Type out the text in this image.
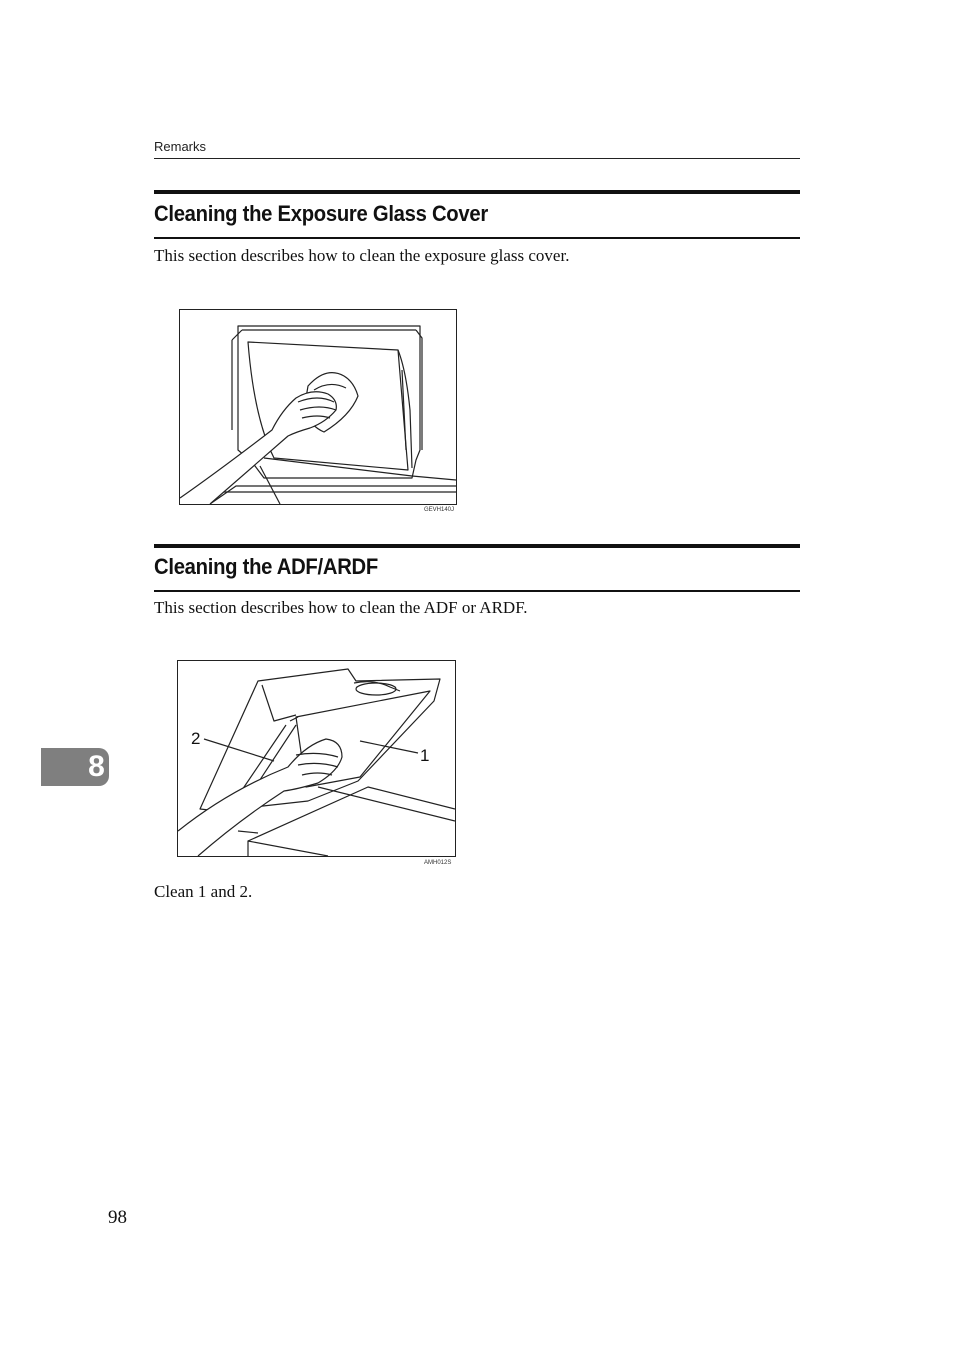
Remarks
Cleaning the Exposure Glass Cover
This section describes how to clean the exposure glass cover.
GEVH140J
Cleaning the ADF/ARDF
This section describes how to clean the ADF or ARDF.
2
1
AMH012S
Clean 1 and 2.
8
98
